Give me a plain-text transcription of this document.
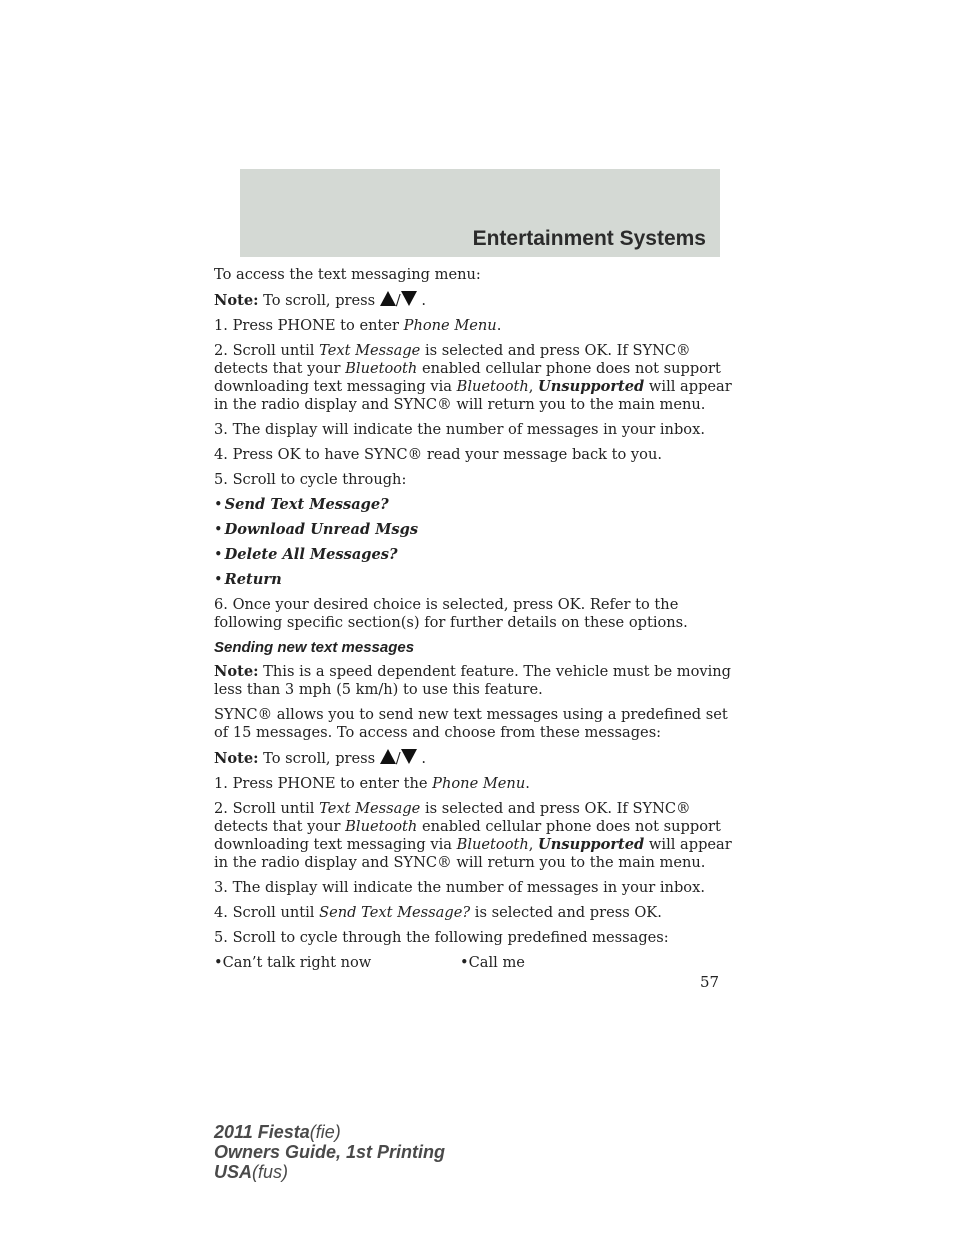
Entertainment Systems

To access the text messaging menu:

Note: To scroll, press / .

1. Press PHONE to enter Phone Menu.

2. Scroll until Text Message is selected and press OK. If SYNC® detects that your Bluetooth enabled cellular phone does not support downloading text messaging via Bluetooth, Unsupported will appear in the radio display and SYNC® will return you to the main menu.

3. The display will indicate the number of messages in your inbox.

4. Press OK to have SYNC® read your message back to you.

5. Scroll to cycle through:

• Send Text Message?
• Download Unread Msgs
• Delete All Messages?
• Return

6. Once your desired choice is selected, press OK. Refer to the following specific section(s) for further details on these options.

Sending new text messages

Note: This is a speed dependent feature. The vehicle must be moving less than 3 mph (5 km/h) to use this feature.

SYNC® allows you to send new text messages using a predefined set of 15 messages. To access and choose from these messages:

Note: To scroll, press / .

1. Press PHONE to enter the Phone Menu.

2. Scroll until Text Message is selected and press OK. If SYNC® detects that your Bluetooth enabled cellular phone does not support downloading text messaging via Bluetooth, Unsupported will appear in the radio display and SYNC® will return you to the main menu.

3. The display will indicate the number of messages in your inbox.

4. Scroll until Send Text Message? is selected and press OK.

5. Scroll to cycle through the following predefined messages:

•Can’t talk right now	•Call me
57
2011 Fiesta(fie)
Owners Guide, 1st Printing
USA(fus)
